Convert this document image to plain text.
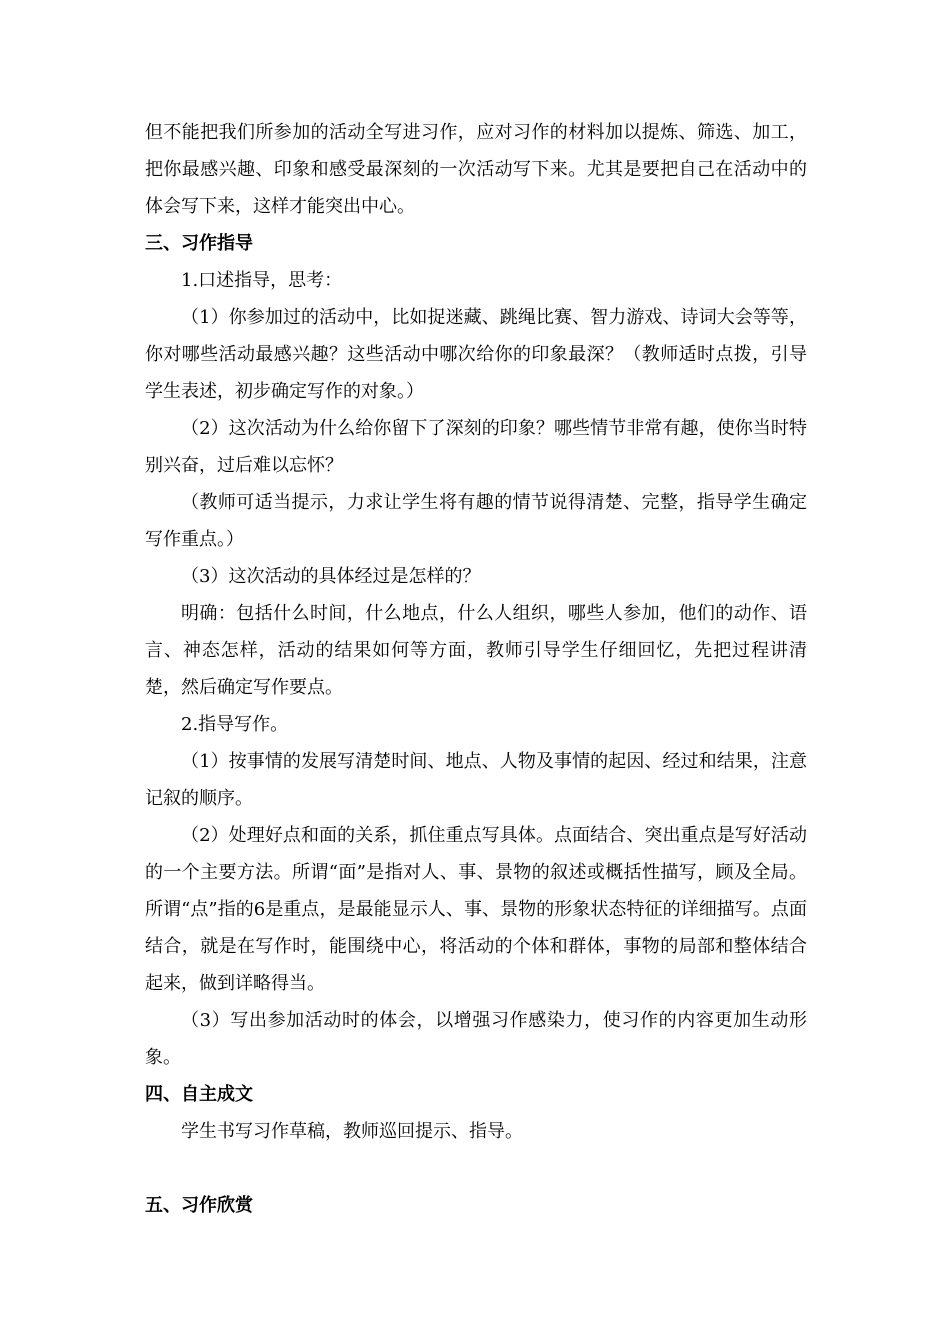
但不能把我们所参加的活动全写进习作，应对习作的材料加以提炼、筛选、加工，把你最感兴趣、印象和感受最深刻的一次活动写下来。尤其是要把自己在活动中的体会写下来，这样才能突出中心。

三、习作指导

1.口述指导，思考：

（1）你参加过的活动中，比如捉迷藏、跳绳比赛、智力游戏、诗词大会等等，你对哪些活动最感兴趣？这些活动中哪次给你的印象最深？（教师适时点拨，引导学生表述，初步确定写作的对象。）

（2）这次活动为什么给你留下了深刻的印象？哪些情节非常有趣，使你当时特别兴奋，过后难以忘怀？

（教师可适当提示，力求让学生将有趣的情节说得清楚、完整，指导学生确定写作重点。）

（3）这次活动的具体经过是怎样的？

明确：包括什么时间，什么地点，什么人组织，哪些人参加，他们的动作、语言、神态怎样，活动的结果如何等方面，教师引导学生仔细回忆，先把过程讲清楚，然后确定写作要点。

2.指导写作。

（1）按事情的发展写清楚时间、地点、人物及事情的起因、经过和结果，注意记叙的顺序。

（2）处理好点和面的关系，抓住重点写具体。点面结合、突出重点是写好活动的一个主要方法。所谓“面”是指对人、事、景物的叙述或概括性描写，顾及全局。所谓“点”指的6是重点，是最能显示人、事、景物的形象状态特征的详细描写。点面结合，就是在写作时，能围绕中心，将活动的个体和群体，事物的局部和整体结合起来，做到详略得当。

（3）写出参加活动时的体会，以增强习作感染力，使习作的内容更加生动形象。

四、自主成文

学生书写习作草稿，教师巡回提示、指导。

五、习作欣赏
